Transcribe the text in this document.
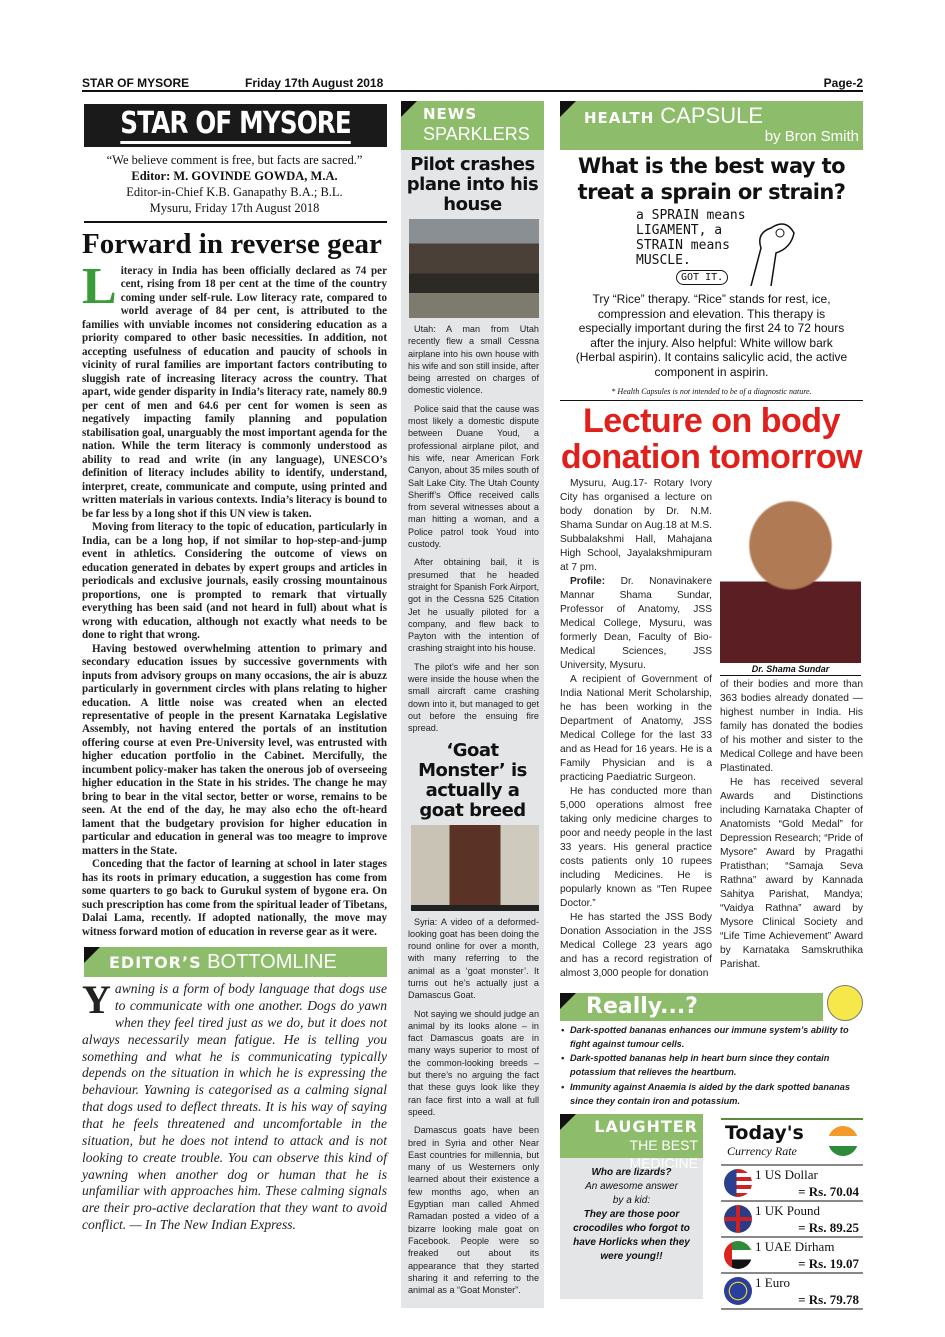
STAR OF MYSORE	Friday 17th August 2018	Page-2
STAR OF MYSORE
“We believe comment is free, but facts are sacred.”
Editor: M. GOVINDE GOWDA, M.A.
Editor-in-Chief K.B. Ganapathy B.A.; B.L.
Mysuru, Friday 17th August 2018
Forward in reverse gear

Literacy in India has been officially declared as 74 per cent, rising from 18 per cent at the time of the country coming under self-rule. Low literacy rate, compared to world average of 84 per cent, is attributed to the families with unviable incomes not considering education as a priority compared to other basic necessities. In addition, not accepting usefulness of education and paucity of schools in vicinity of rural families are important factors contributing to sluggish rate of increasing literacy across the country. That apart, wide gender disparity in India’s literacy rate, namely 80.9 per cent of men and 64.6 per cent for women is seen as negatively impacting family planning and population stabilisation goal, unarguably the most important agenda for the nation. While the term literacy is commonly understood as ability to read and write (in any language), UNESCO’s definition of literacy includes ability to identify, understand, interpret, create, communicate and compute, using printed and written materials in various contexts. India’s literacy is bound to be far less by a long shot if this UN view is taken.

Moving from literacy to the topic of education, particularly in India, can be a long hop, if not similar to hop-step-and-jump event in athletics. Considering the outcome of views on education generated in debates by expert groups and articles in periodicals and exclusive journals, easily crossing mountainous proportions, one is prompted to remark that virtually everything has been said (and not heard in full) about what is wrong with education, although not exactly what needs to be done to right that wrong.

Having bestowed overwhelming attention to primary and secondary education issues by successive governments with inputs from advisory groups on many occasions, the air is abuzz particularly in government circles with plans relating to higher education. A little noise was created when an elected representative of people in the present Karnataka Legislative Assembly, not having entered the portals of an institution offering course at even Pre-University level, was entrusted with higher education portfolio in the Cabinet. Mercifully, the incumbent policy-maker has taken the onerous job of overseeing higher education in the State in his strides. The change he may bring to bear in the vital sector, better or worse, remains to be seen. At the end of the day, he may also echo the oft-heard lament that the budgetary provision for higher education in particular and education in general was too meagre to improve matters in the State.

Conceding that the factor of learning at school in later stages has its roots in primary education, a suggestion has come from some quarters to go back to Gurukul system of bygone era. On such prescription has come from the spiritual leader of Tibetans, Dalai Lama, recently. If adopted nationally, the move may witness forward motion of education in reverse gear as it were.

EDITOR’S BOTTOMLINE
Yawning is a form of body language that dogs use to communicate with one another. Dogs do yawn when they feel tired just as we do, but it does not always necessarily mean fatigue. He is telling you something and what he is communicating typically depends on the situation in which he is expressing the behaviour. Yawning is categorised as a calming signal that dogs used to deflect threats. It is his way of saying that he feels threatened and uncomfortable in the situation, but he does not intend to attack and is not looking to create trouble. You can observe this kind of yawning when another dog or human that he is unfamiliar with approaches him. These calming signals are their pro-active declaration that they want to avoid conflict. — In The New Indian Express.
NEWS
SPARKLERS
Pilot crashes plane into his house

Utah: A man from Utah recently flew a small Cessna airplane into his own house with his wife and son still inside, after being arrested on charges of domestic violence.

Police said that the cause was most likely a domestic dispute between Duane Youd, a professional airplane pilot, and his wife, near American Fork Canyon, about 35 miles south of Salt Lake City. The Utah County Sheriff’s Office received calls from several witnesses about a man hitting a woman, and a Police patrol took Youd into custody.

After obtaining bail, it is presumed that he headed straight for Spanish Fork Airport, got in the Cessna 525 Citation Jet he usually piloted for a company, and flew back to Payton with the intention of crashing straight into his house.

The pilot’s wife and her son were inside the house when the small aircraft came crashing down into it, but managed to get out before the ensuing fire spread.

‘Goat Monster’ is actually a goat breed

Syria: A video of a deformed-looking goat has been doing the round online for over a month, with many referring to the animal as a ‘goat monster’. It turns out he’s actually just a Damascus Goat.

Not saying we should judge an animal by its looks alone – in fact Damascus goats are in many ways superior to most of the common-looking breeds – but there’s no arguing the fact that these guys look like they ran face first into a wall at full speed.

Damascus goats have been bred in Syria and other Near East countries for millennia, but many of us Westerners only learned about their existence a few months ago, when an Egyptian man called Ahmed Ramadan posted a video of a bizarre looking male goat on Facebook. People were so freaked out about its appearance that they started sharing it and referring to the animal as a “Goat Monster”.

HEALTH CAPSULE
by Bron Smith
What is the best way to treat a sprain or strain?
a SPRAIN means
LIGAMENT, a
STRAIN means
MUSCLE.
GOT IT.
Try “Rice” therapy. “Rice” stands for rest, ice, compression and elevation. This therapy is especially important during the first 24 to 72 hours after the injury. Also helpful: White willow bark (Herbal aspirin). It contains salicylic acid, the active component in aspirin.
* Health Capsules is not intended to be of a diagnostic nature.
Lecture on body donation tomorrow

Mysuru, Aug.17- Rotary Ivory City has organised a lecture on body donation by Dr. N.M. Shama Sundar on Aug.18 at M.S. Subbalakshmi Hall, Mahajana High School, Jayalakshmipuram at 7 pm.

Profile: Dr. Nonavinakere Mannar Shama Sundar, Professor of Anatomy, JSS Medical College, Mysuru, was formerly Dean, Faculty of Bio-Medical Sciences, JSS University, Mysuru.

A recipient of Government of India National Merit Scholarship, he has been working in the Department of Anatomy, JSS Medical College for the last 33 and as Head for 16 years. He is a Family Physician and is a practicing Paediatric Surgeon.

He has conducted more than 5,000 operations almost free taking only medicine charges to poor and needy people in the last 33 years. His general practice costs patients only 10 rupees including Medicines. He is popularly known as “Ten Rupee Doctor.”

He has started the JSS Body Donation Association in the JSS Medical College 23 years ago and has a record registration of almost 3,000 people for donation

Dr. Shama Sundar

of their bodies and more than 363 bodies already donated — highest number in India. His family has donated the bodies of his mother and sister to the Medical College and have been Plastinated.

He has received several Awards and Distinctions including Karnataka Chapter of Anatomists “Gold Medal” for Depression Research; “Pride of Mysore” Award by Pragathi Pratisthan; “Samaja Seva Rathna” award by Kannada Sahitya Parishat, Mandya; “Vaidya Rathna” award by Mysore Clinical Society and “Life Time Achievement” Award by Karnataka Samskruthika Parishat.

Really...?
• Dark-spotted bananas enhances our immune system’s ability to fight against tumour cells.
• Dark-spotted bananas help in heart burn since they contain potassium that relieves the heartburn.
• Immunity against Anaemia is aided by the dark spotted bananas since they contain iron and potassium.
LAUGHTER
THE BEST MEDICINE
Who are lizards?
An awesome answer
by a kid:
They are those poor crocodiles who forgot to have Horlicks when they were young!!
Today's
Currency Rate
1 US Dollar
= Rs. 70.04
1 UK Pound
= Rs. 89.25
1 UAE Dirham
= Rs. 19.07
1 Euro
= Rs. 79.78
